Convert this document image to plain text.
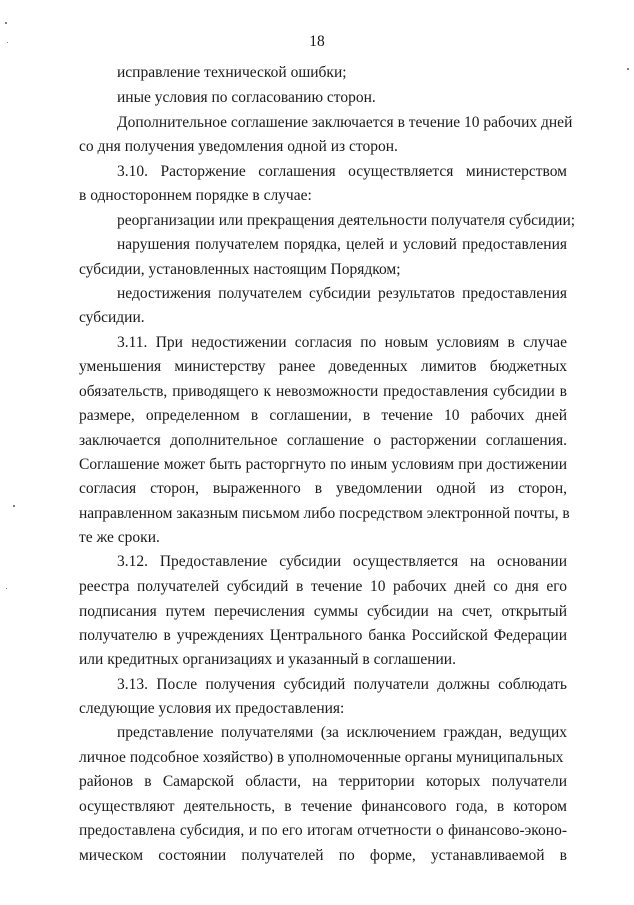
18
исправление технической ошибки;
иные условия по согласованию сторон.
Дополнительное соглашение заключается в течение 10 рабочих дней
со дня получения уведомления одной из сторон.
3.10. Расторжение соглашения осуществляется министерством
в одностороннем порядке в случае:
реорганизации или прекращения деятельности получателя субсидии;
нарушения получателем порядка, целей и условий предоставления
субсидии, установленных настоящим Порядком;
недостижения получателем субсидии результатов предоставления
субсидии.
3.11. При недостижении согласия по новым условиям в случае
уменьшения министерству ранее доведенных лимитов бюджетных
обязательств, приводящего к невозможности предоставления субсидии в
размере, определенном в соглашении, в течение 10 рабочих дней
заключается дополнительное соглашение о расторжении соглашения.
Соглашение может быть расторгнуто по иным условиям при достижении
согласия сторон, выраженного в уведомлении одной из сторон,
направленном заказным письмом либо посредством электронной почты, в
те же сроки.
3.12. Предоставление субсидии осуществляется на основании
реестра получателей субсидий в течение 10 рабочих дней со дня его
подписания путем перечисления суммы субсидии на счет, открытый
получателю в учреждениях Центрального банка Российской Федерации
или кредитных организациях и указанный в соглашении.
3.13. После получения субсидий получатели должны соблюдать
следующие условия их предоставления:
представление получателями (за исключением граждан, ведущих
личное подсобное хозяйство) в уполномоченные органы муниципальных
районов в Самарской области, на территории которых получатели
осуществляют деятельность, в течение финансового года, в котором
предоставлена субсидия, и по его итогам отчетности о финансово-эконо-
мическом состоянии получателей по форме, устанавливаемой в
